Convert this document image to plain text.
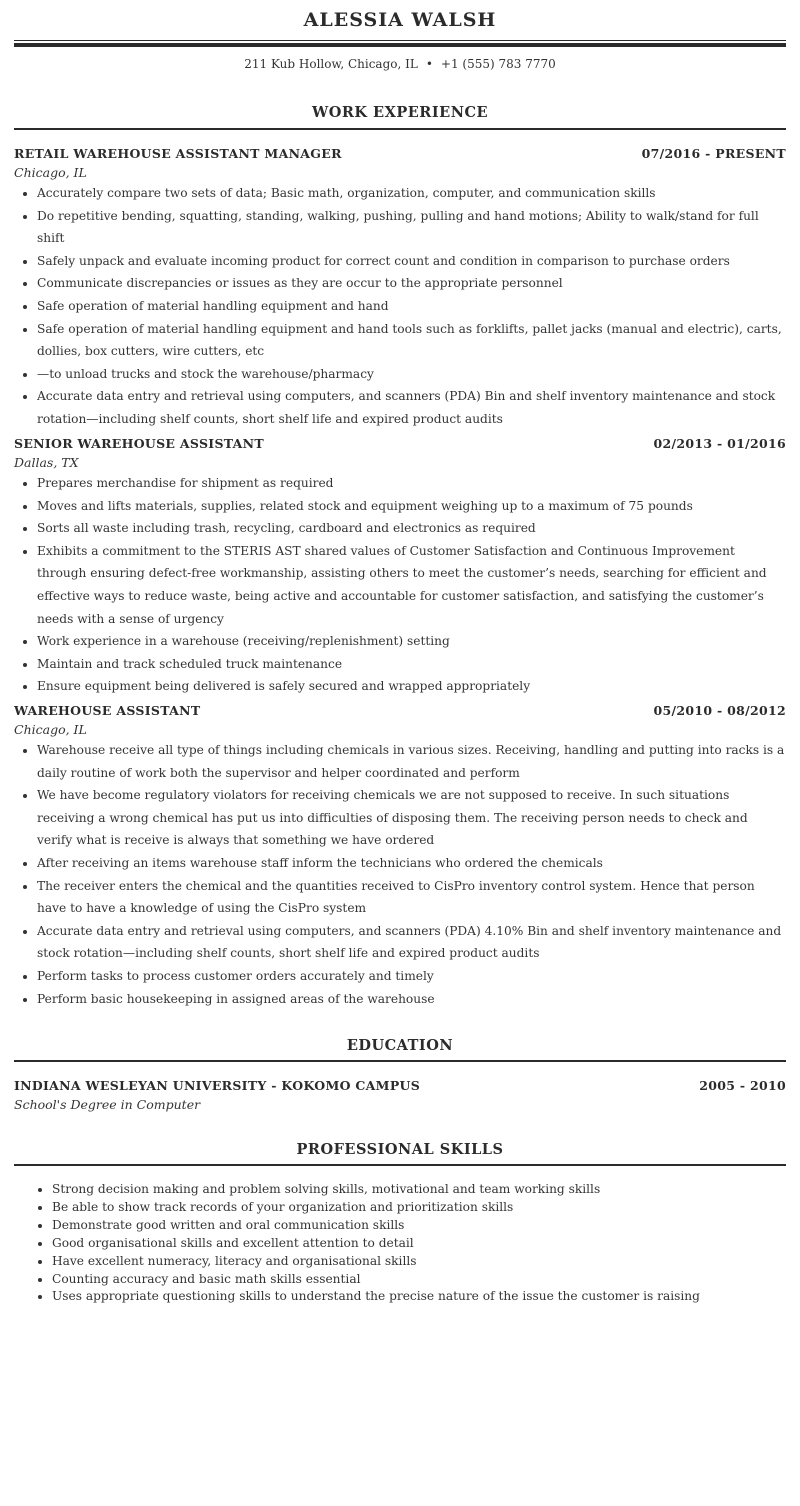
ALESSIA WALSH
211 Kub Hollow, Chicago, IL • +1 (555) 783 7770
WORK EXPERIENCE
RETAIL WAREHOUSE ASSISTANT MANAGER	07/2016 - PRESENT
Chicago, IL
• Accurately compare two sets of data; Basic math, organization, computer, and communication skills
• Do repetitive bending, squatting, standing, walking, pushing, pulling and hand motions; Ability to walk/stand for full shift
• Safely unpack and evaluate incoming product for correct count and condition in comparison to purchase orders
• Communicate discrepancies or issues as they are occur to the appropriate personnel
• Safe operation of material handling equipment and hand
• Safe operation of material handling equipment and hand tools such as forklifts, pallet jacks (manual and electric), carts, dollies, box cutters, wire cutters, etc
• —to unload trucks and stock the warehouse/pharmacy
• Accurate data entry and retrieval using computers, and scanners (PDA) Bin and shelf inventory maintenance and stock rotation—including shelf counts, short shelf life and expired product audits
SENIOR WAREHOUSE ASSISTANT	02/2013 - 01/2016
Dallas, TX
• Prepares merchandise for shipment as required
• Moves and lifts materials, supplies, related stock and equipment weighing up to a maximum of 75 pounds
• Sorts all waste including trash, recycling, cardboard and electronics as required
• Exhibits a commitment to the STERIS AST shared values of Customer Satisfaction and Continuous Improvement through ensuring defect-free workmanship, assisting others to meet the customer’s needs, searching for efficient and effective ways to reduce waste, being active and accountable for customer satisfaction, and satisfying the customer’s needs with a sense of urgency
• Work experience in a warehouse (receiving/replenishment) setting
• Maintain and track scheduled truck maintenance
• Ensure equipment being delivered is safely secured and wrapped appropriately
WAREHOUSE ASSISTANT	05/2010 - 08/2012
Chicago, IL
• Warehouse receive all type of things including chemicals in various sizes. Receiving, handling and putting into racks is a daily routine of work both the supervisor and helper coordinated and perform
• We have become regulatory violators for receiving chemicals we are not supposed to receive. In such situations receiving a wrong chemical has put us into difficulties of disposing them. The receiving person needs to check and verify what is receive is always that something we have ordered
• After receiving an items warehouse staff inform the technicians who ordered the chemicals
• The receiver enters the chemical and the quantities received to CisPro inventory control system. Hence that person have to have a knowledge of using the CisPro system
• Accurate data entry and retrieval using computers, and scanners (PDA) 4.10% Bin and shelf inventory maintenance and stock rotation—including shelf counts, short shelf life and expired product audits
• Perform tasks to process customer orders accurately and timely
• Perform basic housekeeping in assigned areas of the warehouse
EDUCATION
INDIANA WESLEYAN UNIVERSITY - KOKOMO CAMPUS	2005 - 2010
School's Degree in Computer
PROFESSIONAL SKILLS
• Strong decision making and problem solving skills, motivational and team working skills
• Be able to show track records of your organization and prioritization skills
• Demonstrate good written and oral communication skills
• Good organisational skills and excellent attention to detail
• Have excellent numeracy, literacy and organisational skills
• Counting accuracy and basic math skills essential
• Uses appropriate questioning skills to understand the precise nature of the issue the customer is raising
